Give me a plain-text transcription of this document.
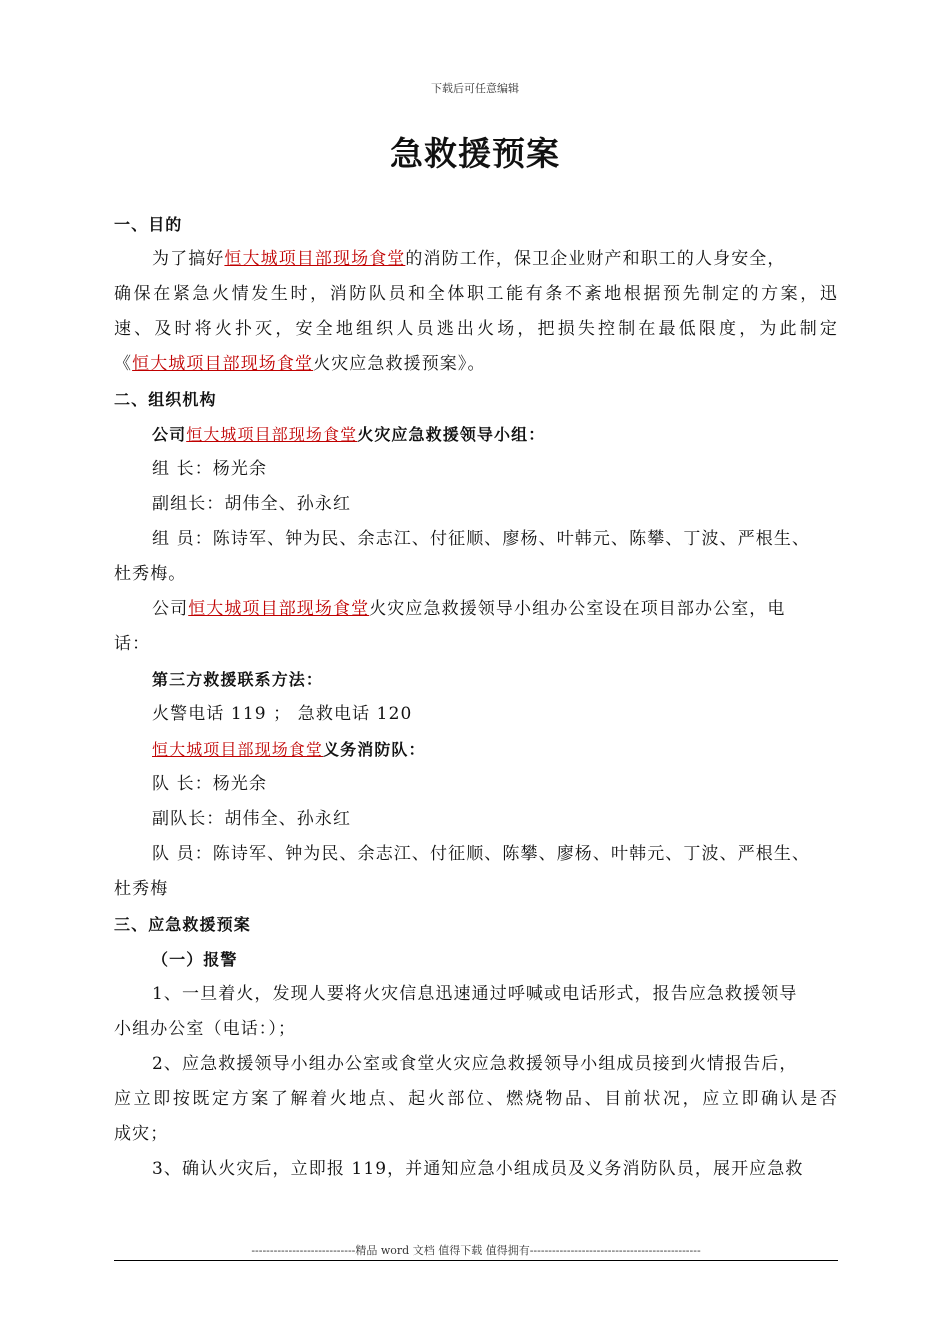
下载后可任意编辑
急救援预案
一、目的
为了搞好恒大城项目部现场食堂的消防工作，保卫企业财产和职工的人身安全，
确保在紧急火情发生时，消防队员和全体职工能有条不紊地根据预先制定的方案，迅
速、及时将火扑灭，安全地组织人员逃出火场，把损失控制在最低限度，为此制定
《恒大城项目部现场食堂火灾应急救援预案》。
二、组织机构
公司恒大城项目部现场食堂火灾应急救援领导小组：
组 长：杨光余
副组长：胡伟全、孙永红
组 员：陈诗军、钟为民、余志江、付征顺、廖杨、叶韩元、陈攀、丁波、严根生、
杜秀梅。
公司恒大城项目部现场食堂火灾应急救援领导小组办公室设在项目部办公室，电
话：
第三方救援联系方法：
火警电话 119 ； 急救电话 120
恒大城项目部现场食堂义务消防队：
队 长：杨光余
副队长：胡伟全、孙永红
队 员：陈诗军、钟为民、余志江、付征顺、陈攀、廖杨、叶韩元、丁波、严根生、
杜秀梅
三、应急救援预案
（一）报警
1、一旦着火，发现人要将火灾信息迅速通过呼喊或电话形式，报告应急救援领导
小组办公室（电话：）；
2、应急救援领导小组办公室或食堂火灾应急救援领导小组成员接到火情报告后，
应立即按既定方案了解着火地点、起火部位、燃烧物品、目前状况，应立即确认是否
成灾；
3、确认火灾后，立即报 119，并通知应急小组成员及义务消防队员，展开应急救
----------------------------精品 word 文档 值得下载 值得拥有----------------------------------------------
